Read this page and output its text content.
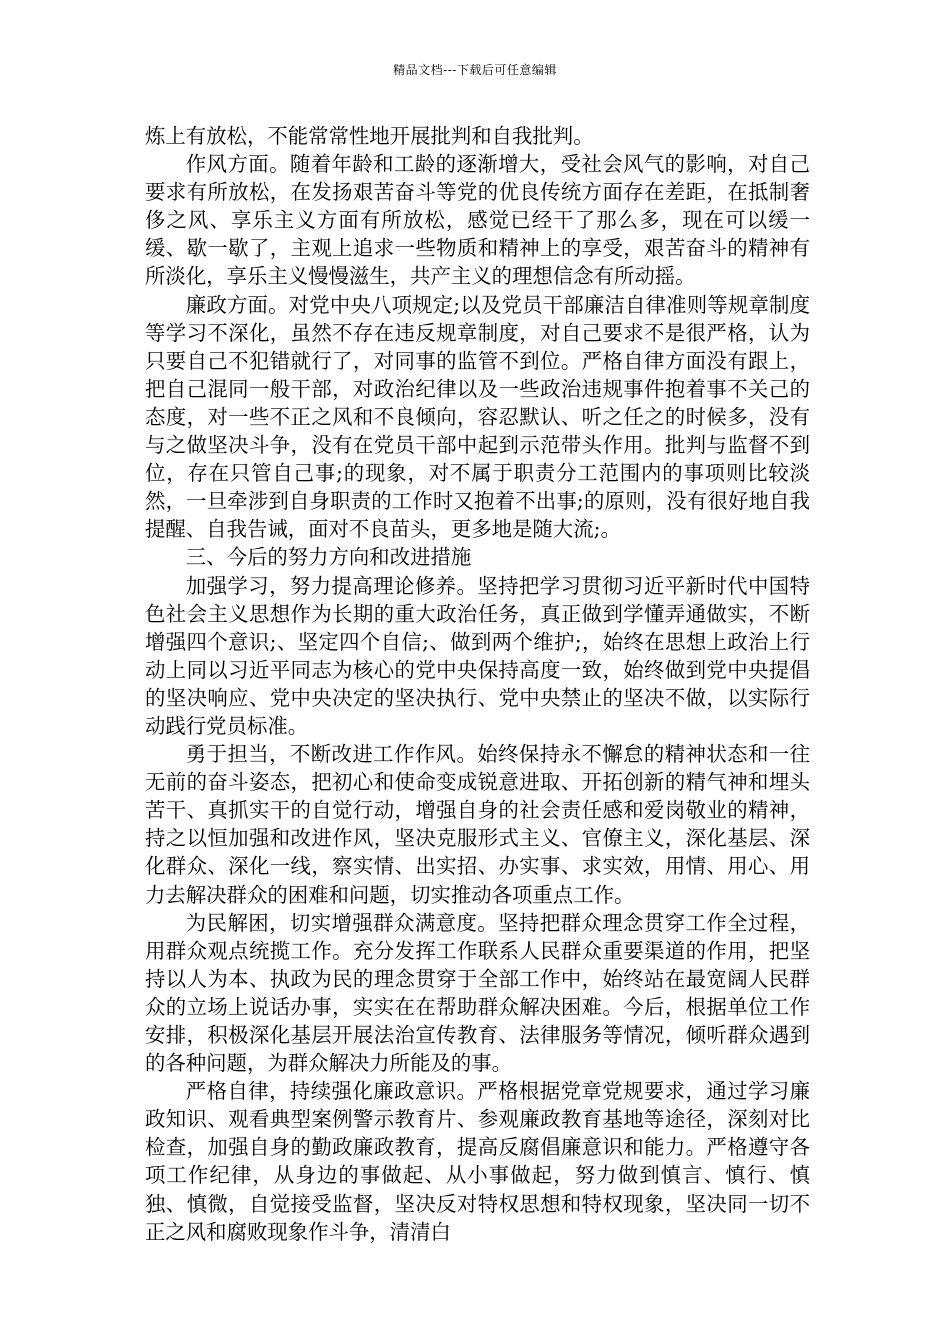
精品文档---下载后可任意编辑

炼上有放松，不能常常性地开展批判和自我批判。

作风方面。随着年龄和工龄的逐渐增大，受社会风气的影响，对自己要求有所放松，在发扬艰苦奋斗等党的优良传统方面存在差距，在抵制奢侈之风、享乐主义方面有所放松，感觉已经干了那么多，现在可以缓一缓、歇一歇了，主观上追求一些物质和精神上的享受，艰苦奋斗的精神有所淡化，享乐主义慢慢滋生，共产主义的理想信念有所动摇。

廉政方面。对党中央八项规定;以及党员干部廉洁自律准则等规章制度等学习不深化，虽然不存在违反规章制度，对自己要求不是很严格，认为只要自己不犯错就行了，对同事的监管不到位。严格自律方面没有跟上，把自己混同一般干部，对政治纪律以及一些政治违规事件抱着事不关己的态度，对一些不正之风和不良倾向，容忍默认、听之任之的时候多，没有与之做坚决斗争，没有在党员干部中起到示范带头作用。批判与监督不到位，存在只管自己事;的现象，对不属于职责分工范围内的事项则比较淡然，一旦牵涉到自身职责的工作时又抱着不出事;的原则，没有很好地自我提醒、自我告诫，面对不良苗头，更多地是随大流;。

三、今后的努力方向和改进措施

加强学习，努力提高理论修养。坚持把学习贯彻习近平新时代中国特色社会主义思想作为长期的重大政治任务，真正做到学懂弄通做实，不断增强四个意识;、坚定四个自信;、做到两个维护;，始终在思想上政治上行动上同以习近平同志为核心的党中央保持高度一致，始终做到党中央提倡的坚决响应、党中央决定的坚决执行、党中央禁止的坚决不做，以实际行动践行党员标准。

勇于担当，不断改进工作作风。始终保持永不懈怠的精神状态和一往无前的奋斗姿态，把初心和使命变成锐意进取、开拓创新的精气神和埋头苦干、真抓实干的自觉行动，增强自身的社会责任感和爱岗敬业的精神，持之以恒加强和改进作风，坚决克服形式主义、官僚主义，深化基层、深化群众、深化一线，察实情、出实招、办实事、求实效，用情、用心、用力去解决群众的困难和问题，切实推动各项重点工作。

为民解困，切实增强群众满意度。坚持把群众理念贯穿工作全过程，用群众观点统揽工作。充分发挥工作联系人民群众重要渠道的作用，把坚持以人为本、执政为民的理念贯穿于全部工作中，始终站在最宽阔人民群众的立场上说话办事，实实在在帮助群众解决困难。今后，根据单位工作安排，积极深化基层开展法治宣传教育、法律服务等情况，倾听群众遇到的各种问题，为群众解决力所能及的事。

严格自律，持续强化廉政意识。严格根据党章党规要求，通过学习廉政知识、观看典型案例警示教育片、参观廉政教育基地等途径，深刻对比检查，加强自身的勤政廉政教育，提高反腐倡廉意识和能力。严格遵守各项工作纪律，从身边的事做起、从小事做起，努力做到慎言、慎行、慎独、慎微，自觉接受监督，坚决反对特权思想和特权现象，坚决同一切不正之风和腐败现象作斗争，清清白
